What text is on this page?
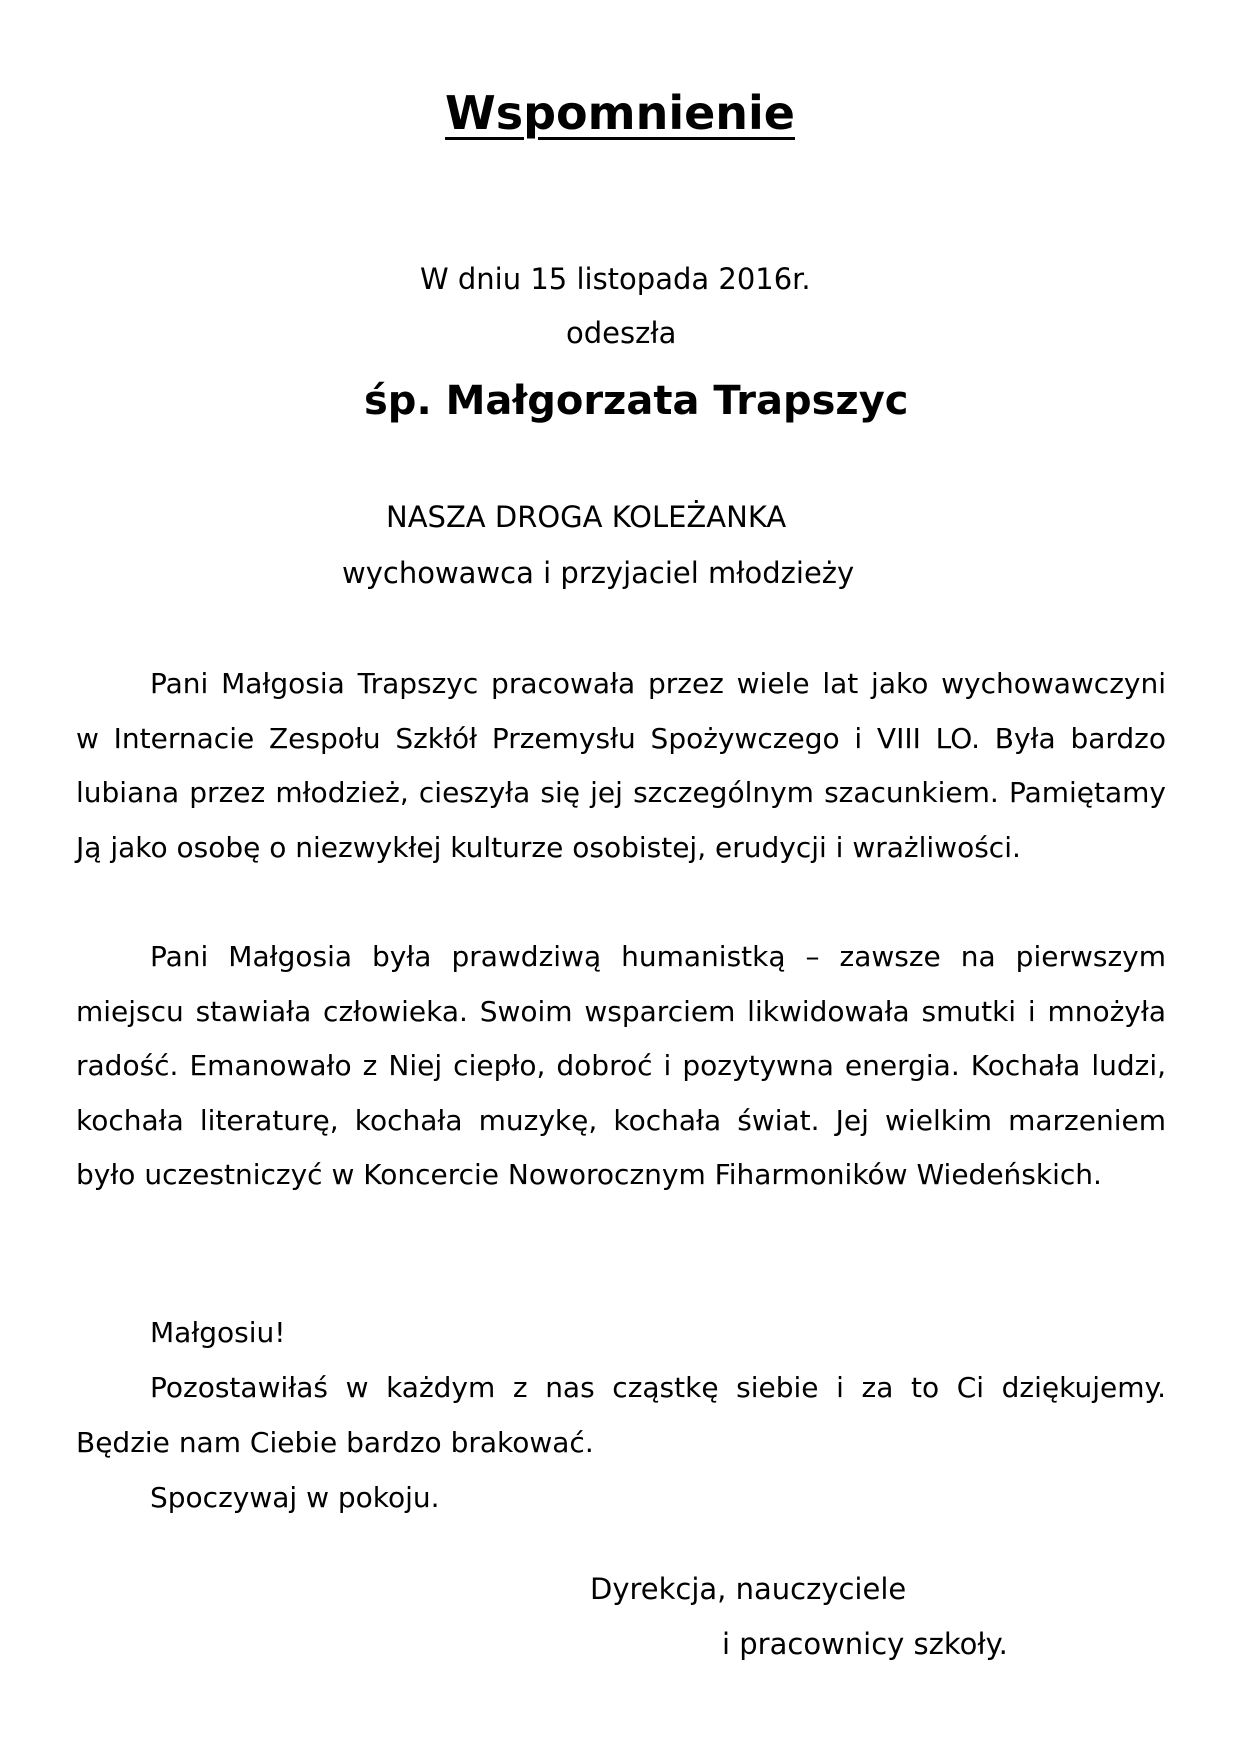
Wspomnienie

W dniu 15 listopada 2016r.

odeszła

śp. Małgorzata Trapszyc

NASZA DROGA KOLEŻANKA

wychowawca i przyjaciel młodzieży

Pani Małgosia Trapszyc pracowała przez wiele lat jako wychowawczyni w Internacie Zespołu Szkłół Przemysłu Spożywczego i VIII LO. Była bardzo lubiana przez młodzież, cieszyła się jej szczególnym szacunkiem. Pamiętamy Ją jako osobę o niezwykłej kulturze osobistej, erudycji i wrażliwości.

Pani Małgosia była prawdziwą humanistką – zawsze na pierwszym miejscu stawiała człowieka. Swoim wsparciem likwidowała smutki i mnożyła radość. Emanowało z Niej ciepło, dobroć i pozytywna energia. Kochała ludzi, kochała literaturę, kochała muzykę, kochała świat. Jej wielkim marzeniem było uczestniczyć w Koncercie Noworocznym Fiharmoników Wiedeńskich.

Małgosiu!
Pozostawiłaś w każdym z nas cząstkę siebie i za to Ci dziękujemy. Będzie nam Ciebie bardzo brakować.
Spoczywaj w pokoju.

Dyrekcja, nauczyciele

i pracownicy szkoły.
